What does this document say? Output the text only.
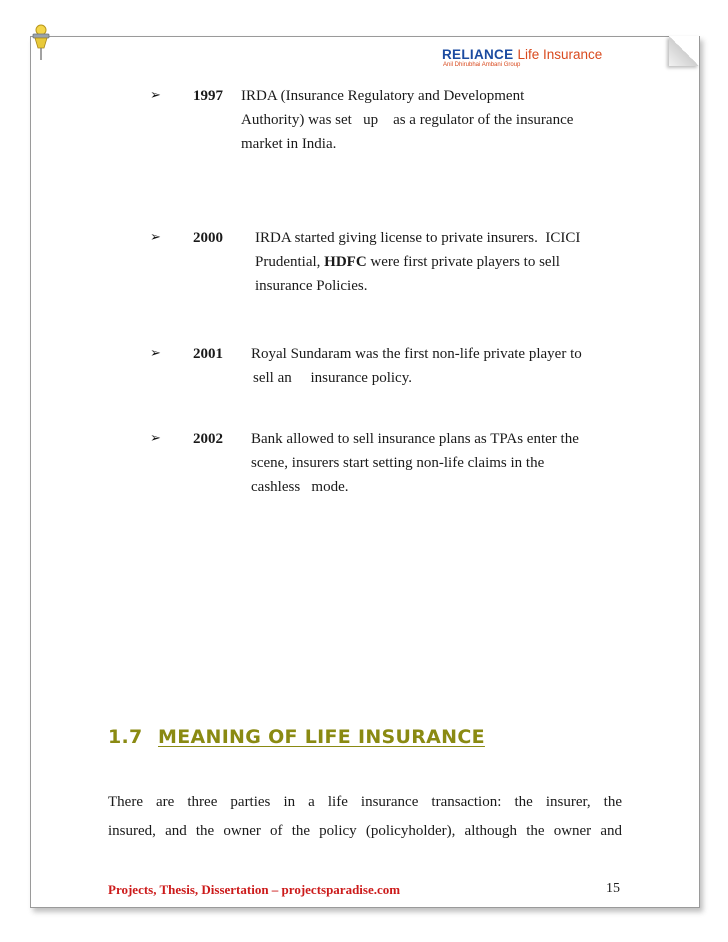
RELIANCE Life Insurance
Anil Dhirubhai Ambani Group
➢ 1997 IRDA (Insurance Regulatory and Development
Authority) was set   up    as a regulator of the insurance
market in India.
➢ 2000 IRDA started giving license to private insurers.  ICICI
Prudential, HDFC were first private players to sell
insurance Policies.
➢ 2001 Royal Sundaram was the first non-life private player to
sell an     insurance policy.
➢ 2002 Bank allowed to sell insurance plans as TPAs enter the
scene, insurers start setting non-life claims in the
cashless   mode.
1.7 MEANING OF LIFE INSURANCE
There are three parties in a life insurance transaction: the insurer, the
insured, and the owner of the policy (policyholder), although the owner and
Projects, Thesis, Dissertation – projectsparadise.com	15
